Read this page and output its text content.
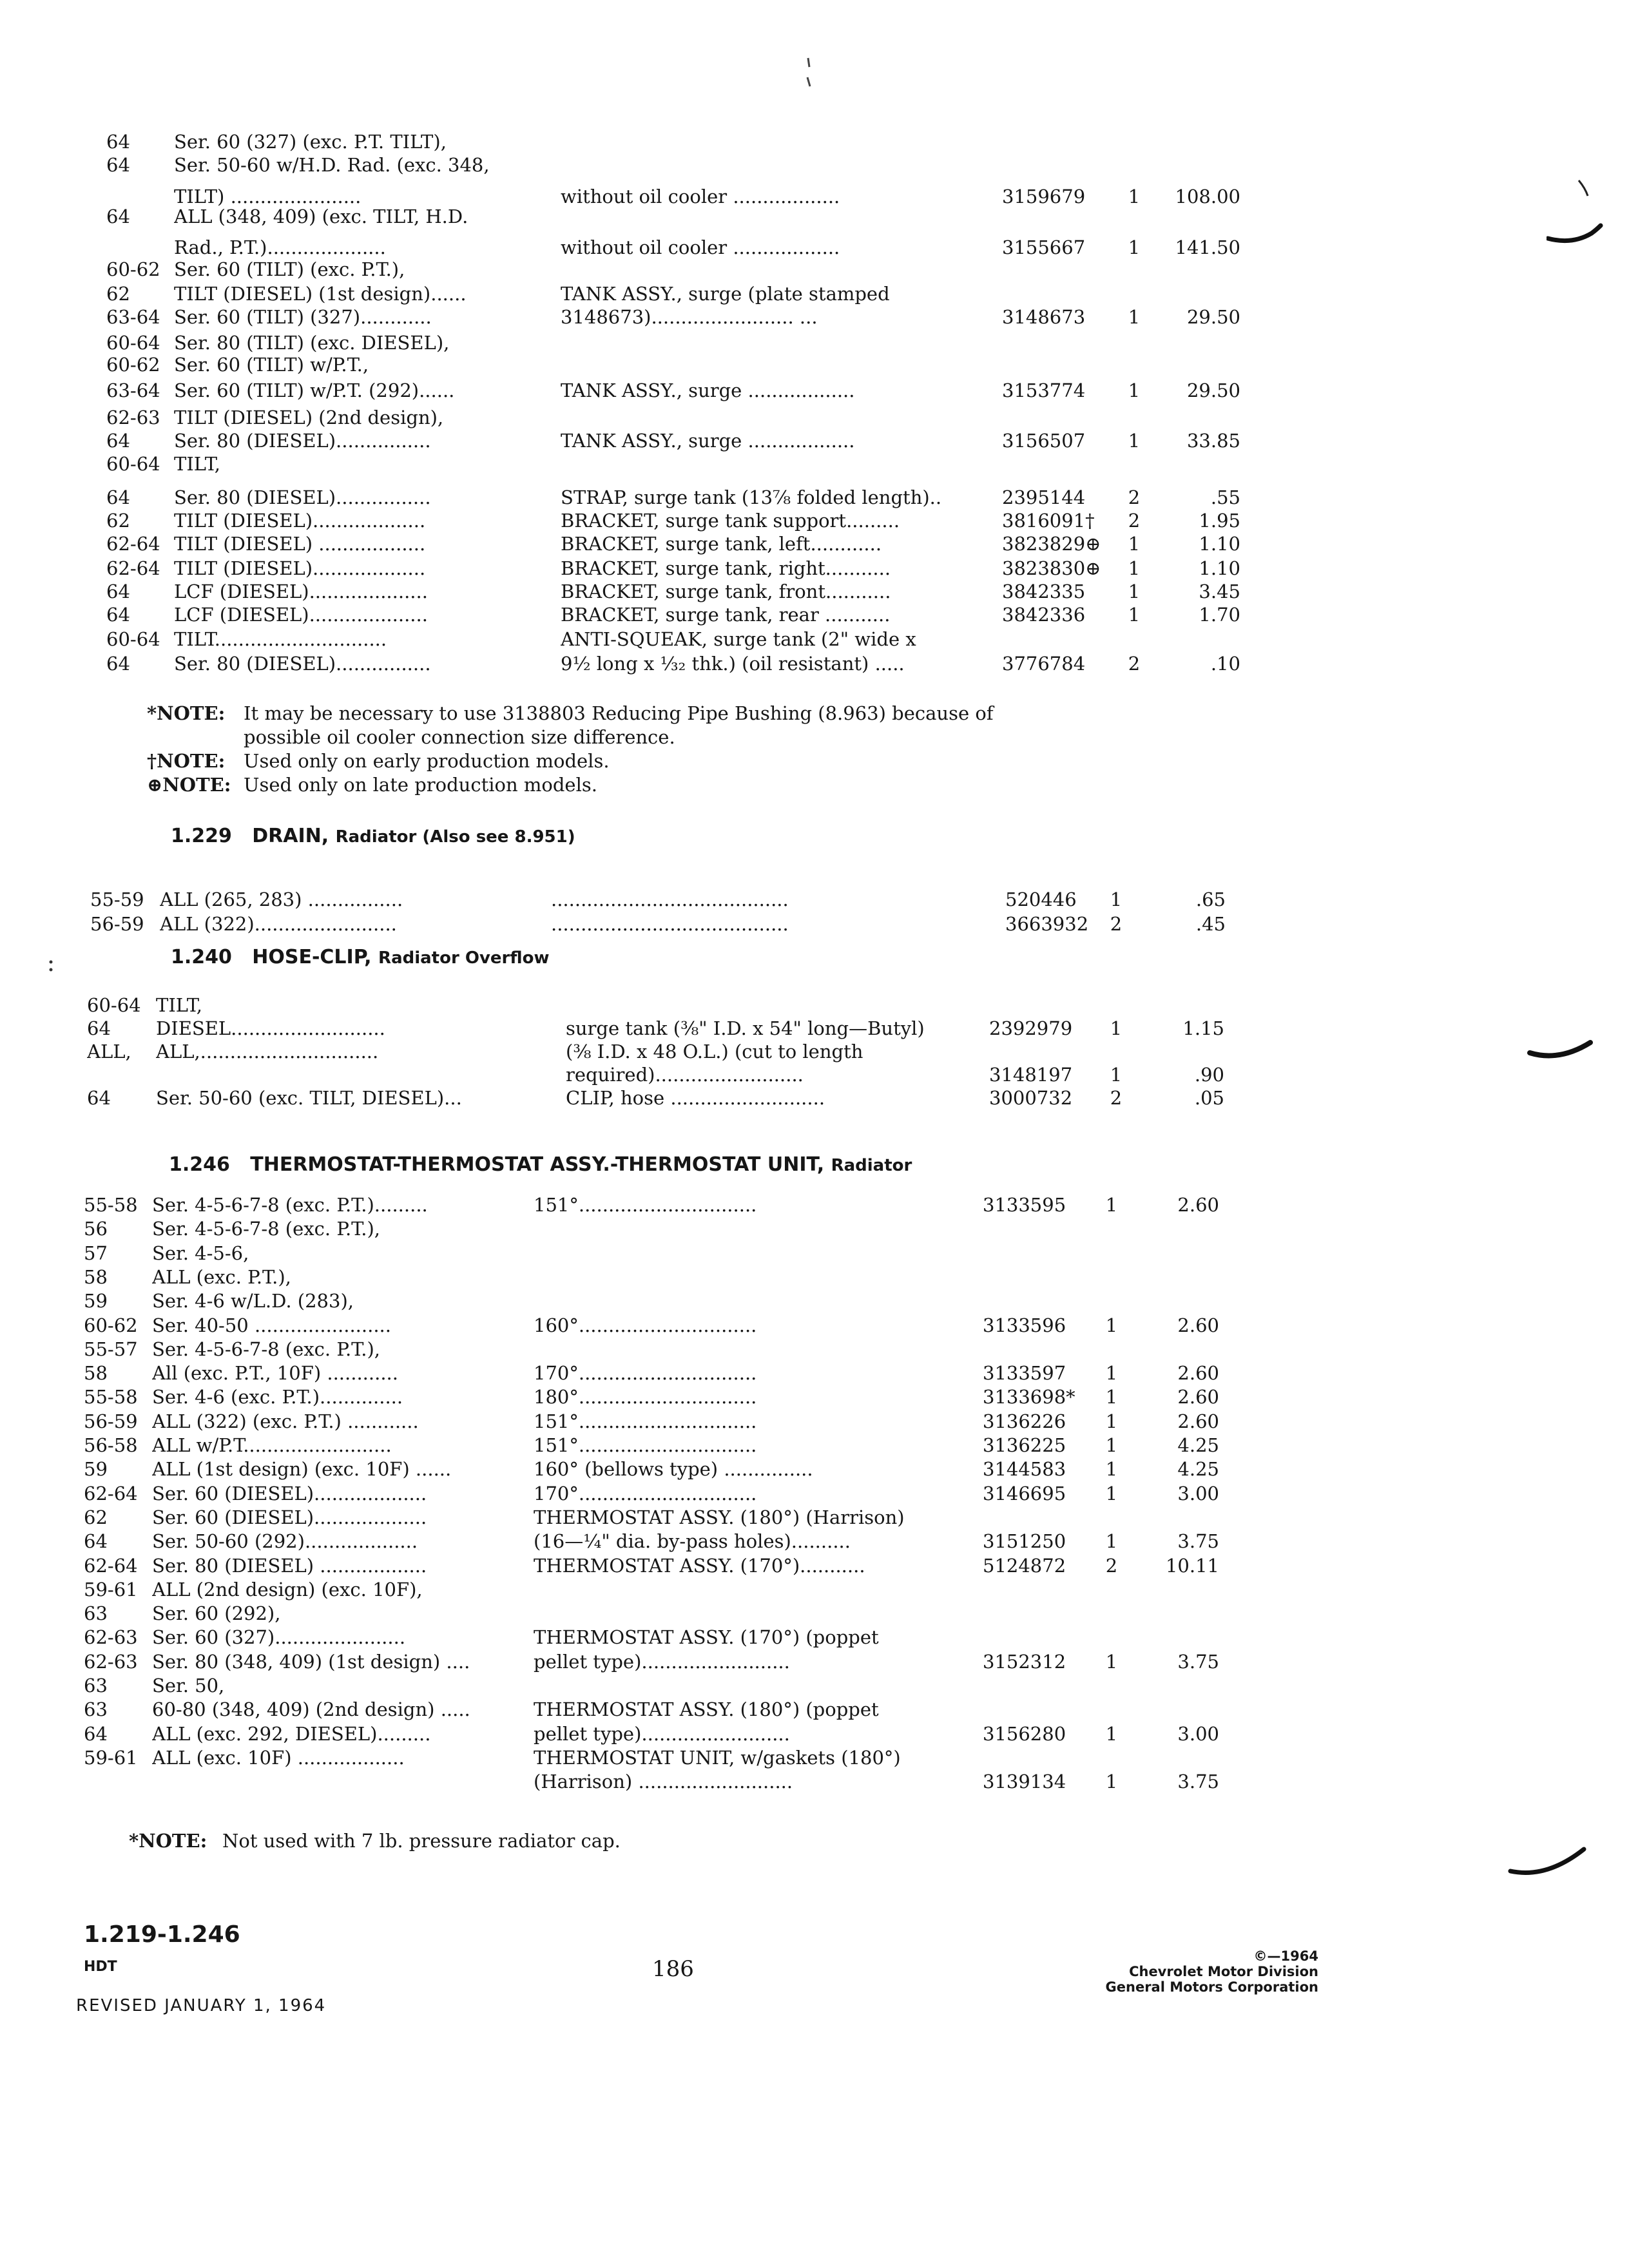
64	Ser. 60 (327) (exc. P.T. TILT),
64	Ser. 50-60 w/H.D. Rad. (exc. 348,
TILT) ......................	without oil cooler ..................	3159679	1	108.00
64	ALL (348, 409) (exc. TILT, H.D.
Rad., P.T.)....................	without oil cooler ..................	3155667	1	141.50
60-62 Ser. 60 (TILT) (exc. P.T.),
62	TILT (DIESEL) (1st design)......	TANK ASSY., surge (plate stamped
63-64 Ser. 60 (TILT) (327)............	3148673)........................ ...	3148673	1	29.50
60-64 Ser. 80 (TILT) (exc. DIESEL),
60-62 Ser. 60 (TILT) w/P.T.,
63-64 Ser. 60 (TILT) w/P.T. (292)......	TANK ASSY., surge ..................	3153774	1	29.50
62-63 TILT (DIESEL) (2nd design),
64	Ser. 80 (DIESEL)................	TANK ASSY., surge ..................	3156507	1	33.85
60-64 TILT,
64	Ser. 80 (DIESEL)................	STRAP, surge tank (13⅞ folded length)..	2395144	2	.55
62	TILT (DIESEL)...................	BRACKET, surge tank support.........	3816091†	2	1.95
62-64 TILT (DIESEL) ..................	BRACKET, surge tank, left............	3823829⊕	1	1.10
62-64 TILT (DIESEL)...................	BRACKET, surge tank, right...........	3823830⊕	1	1.10
64	LCF (DIESEL)....................	BRACKET, surge tank, front...........	3842335	1	3.45
64	LCF (DIESEL)....................	BRACKET, surge tank, rear ...........	3842336	1	1.70
60-64 TILT.............................	ANTI-SQUEAK, surge tank (2" wide x
64	Ser. 80 (DIESEL)................	9½ long x ⅓₂ thk.) (oil resistant) .....	3776784	2	.10
*NOTE: It may be necessary to use 3138803 Reducing Pipe Bushing (8.963) because of
possible oil cooler connection size difference.
†NOTE: Used only on early production models.
⊕NOTE: Used only on late production models.
1.229 DRAIN, Radiator (Also see 8.951)
55-59 ALL (265, 283) ................	........................................	520446	1	.65
56-59 ALL (322)........................	........................................	3663932	2	.45
1.240 HOSE-CLIP, Radiator Overflow
60-64 TILT,
64	DIESEL..........................	surge tank (⅜" I.D. x 54" long—Butyl)	2392979	1	1.15
ALL,	ALL,..............................	(⅜ I.D. x 48 O.L.) (cut to length
required).........................	3148197	1	.90
64	Ser. 50-60 (exc. TILT, DIESEL)...	CLIP, hose ..........................	3000732	2	.05
1.246 THERMOSTAT-THERMOSTAT ASSY.-THERMOSTAT UNIT, Radiator
55-58 Ser. 4-5-6-7-8 (exc. P.T.).........	151°..............................	3133595	1	2.60
56	Ser. 4-5-6-7-8 (exc. P.T.),
57	Ser. 4-5-6,
58	ALL (exc. P.T.),
59	Ser. 4-6 w/L.D. (283),
60-62 Ser. 40-50 .......................	160°..............................	3133596	1	2.60
55-57 Ser. 4-5-6-7-8 (exc. P.T.),
58	All (exc. P.T., 10F) ............	170°..............................	3133597	1	2.60
55-58 Ser. 4-6 (exc. P.T.)..............	180°..............................	3133698*	1	2.60
56-59 ALL (322) (exc. P.T.) ............	151°..............................	3136226	1	2.60
56-58 ALL w/P.T.........................	151°..............................	3136225	1	4.25
59	ALL (1st design) (exc. 10F) ......	160° (bellows type) ...............	3144583	1	4.25
62-64 Ser. 60 (DIESEL)...................	170°..............................	3146695	1	3.00
62	Ser. 60 (DIESEL)...................	THERMOSTAT ASSY. (180°) (Harrison)
64	Ser. 50-60 (292)...................	(16—¼" dia. by-pass holes)..........	3151250	1	3.75
62-64 Ser. 80 (DIESEL) ..................	THERMOSTAT ASSY. (170°)...........	5124872	2	10.11
59-61 ALL (2nd design) (exc. 10F),
63	Ser. 60 (292),
62-63 Ser. 60 (327)......................	THERMOSTAT ASSY. (170°) (poppet
62-63 Ser. 80 (348, 409) (1st design) ....	pellet type).........................	3152312	1	3.75
63	Ser. 50,
63	60-80 (348, 409) (2nd design) .....	THERMOSTAT ASSY. (180°) (poppet
64	ALL (exc. 292, DIESEL).........	pellet type).........................	3156280	1	3.00
59-61 ALL (exc. 10F) ..................	THERMOSTAT UNIT, w/gaskets (180°)
(Harrison) ..........................	3139134	1	3.75
*NOTE: Not used with 7 lb. pressure radiator cap.
1.219-1.246
HDT
REVISED JANUARY 1, 1964
186	©—1964
Chevrolet Motor Division
General Motors Corporation
